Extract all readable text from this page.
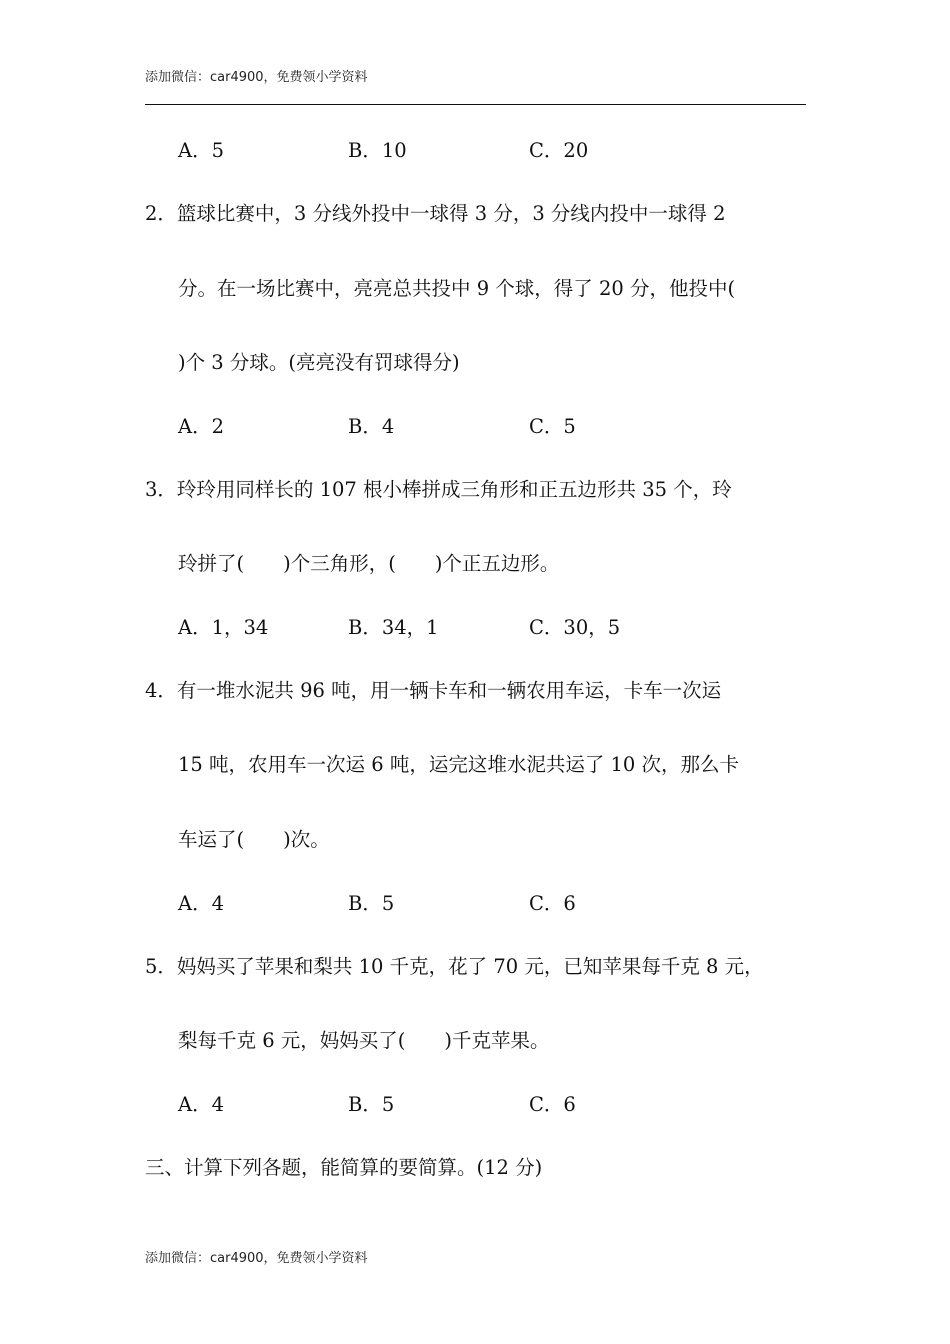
添加微信：car4900，免费领小学资料
A．5	B．10	C．20
2．篮球比赛中，3 分线外投中一球得 3 分，3 分线内投中一球得 2
分。在一场比赛中，亮亮总共投中 9 个球，得了 20 分，他投中(
)个 3 分球。(亮亮没有罚球得分)
A．2	B．4	C．5
3．玲玲用同样长的 107 根小棒拼成三角形和正五边形共 35 个，玲
玲拼了(　　)个三角形，(　　)个正五边形。
A．1，34	B．34，1	C．30，5
4．有一堆水泥共 96 吨，用一辆卡车和一辆农用车运，卡车一次运
15 吨，农用车一次运 6 吨，运完这堆水泥共运了 10 次，那么卡
车运了(　　)次。
A．4	B．5	C．6
5．妈妈买了苹果和梨共 10 千克，花了 70 元，已知苹果每千克 8 元，
梨每千克 6 元，妈妈买了(　　)千克苹果。
A．4	B．5	C．6
三、计算下列各题，能简算的要简算。(12 分)
添加微信：car4900，免费领小学资料
